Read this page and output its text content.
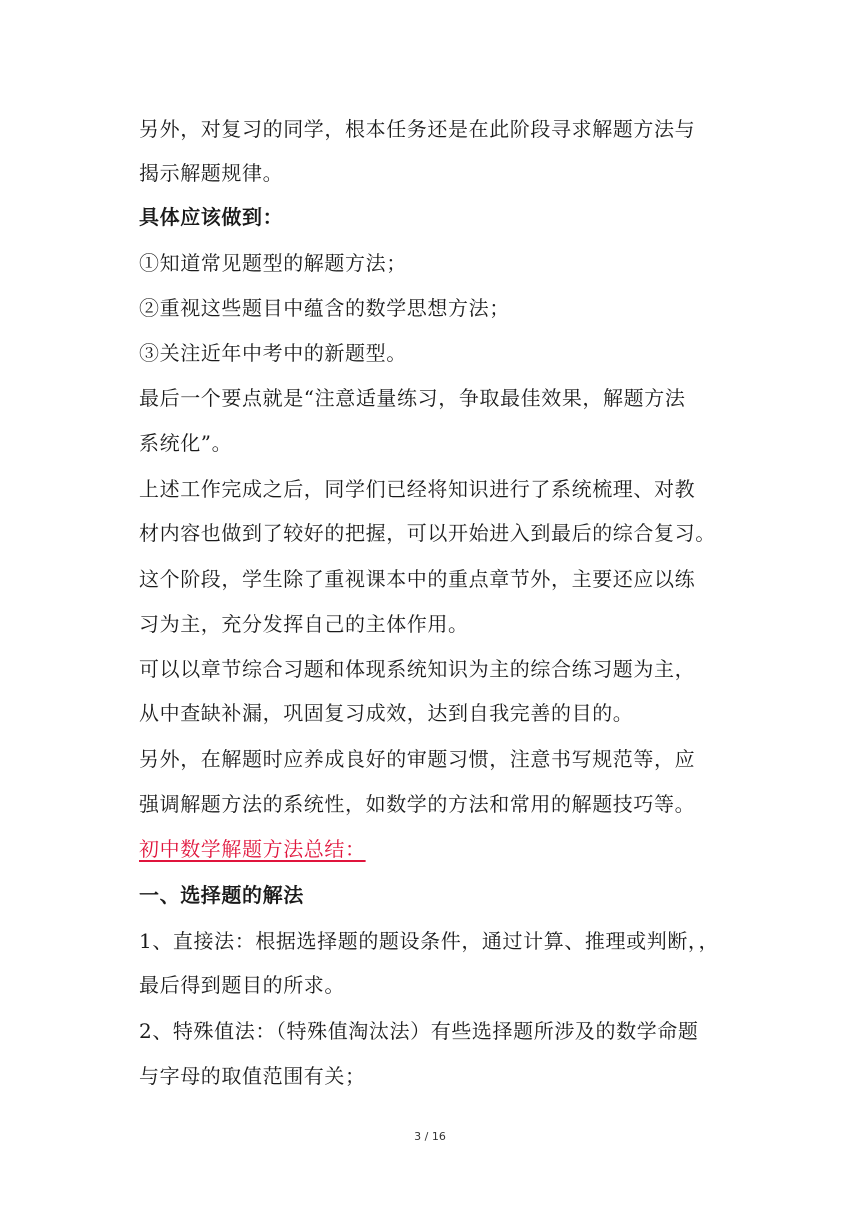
另外，对复习的同学，根本任务还是在此阶段寻求解题方法与
揭示解题规律。
具体应该做到：
①知道常见题型的解题方法；
②重视这些题目中蕴含的数学思想方法；
③关注近年中考中的新题型。
最后一个要点就是“注意适量练习，争取最佳效果，解题方法
系统化”。
上述工作完成之后，同学们已经将知识进行了系统梳理、对教
材内容也做到了较好的把握，可以开始进入到最后的综合复习。
这个阶段，学生除了重视课本中的重点章节外，主要还应以练
习为主，充分发挥自己的主体作用。
可以以章节综合习题和体现系统知识为主的综合练习题为主，
从中查缺补漏，巩固复习成效，达到自我完善的目的。
另外，在解题时应养成良好的审题习惯，注意书写规范等，应
强调解题方法的系统性，如数学的方法和常用的解题技巧等。
初中数学解题方法总结：
一、选择题的解法
1、直接法：根据选择题的题设条件，通过计算、推理或判断，，
最后得到题目的所求。
2、特殊值法：（特殊值淘汰法）有些选择题所涉及的数学命题
与字母的取值范围有关；
3 / 16
